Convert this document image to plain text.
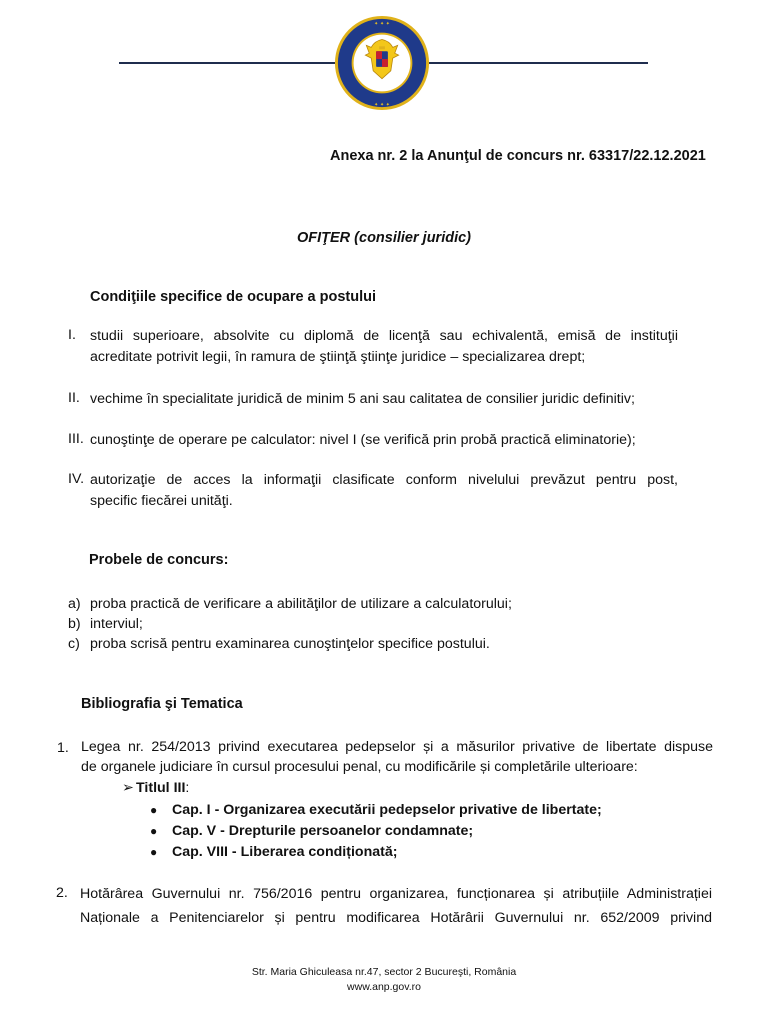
✦ ✦ ✦
✦ ✦ ✦
Anexa nr. 2 la Anunţul de concurs nr. 63317/22.12.2021
OFIŢER (consilier juridic)
Condiţiile specifice de ocupare a postului
I. studii superioare, absolvite cu diplomă de licenţă sau echivalentă, emisă de instituţii
acreditate potrivit legii, în ramura de ştiinţă ştiinţe juridice – specializarea drept;
II. vechime în specialitate juridică de minim 5 ani sau calitatea de consilier juridic definitiv;
III. cunoştinţe de operare pe calculator: nivel I (se verifică prin probă practică eliminatorie);
IV. autorizaţie de acces la informaţii clasificate conform nivelului prevăzut pentru post,
specific fiecărei unităţi.
Probele de concurs:
a) proba practică de verificare a abilităţilor de utilizare a calculatorului;
b) interviul;
c) proba scrisă pentru examinarea cunoştinţelor specifice postului.
Bibliografia şi Tematica
1. Legea nr. 254/2013 privind executarea pedepselor și a măsurilor privative de libertate dispuse
de organele judiciare în cursul procesului penal, cu modificările și completările ulterioare:
➢ Titlul III:
● Cap. I - Organizarea executării pedepselor privative de libertate;
● Cap. V - Drepturile persoanelor condamnate;
● Cap. VIII - Liberarea condiționată;
2. Hotărârea Guvernului nr. 756/2016 pentru organizarea, funcționarea și atribuțiile Administrației
Naționale a Penitenciarelor și pentru modificarea Hotărârii Guvernului nr. 652/2009 privind
Str. Maria Ghiculeasa nr.47, sector 2 Bucureşti, România
www.anp.gov.ro
